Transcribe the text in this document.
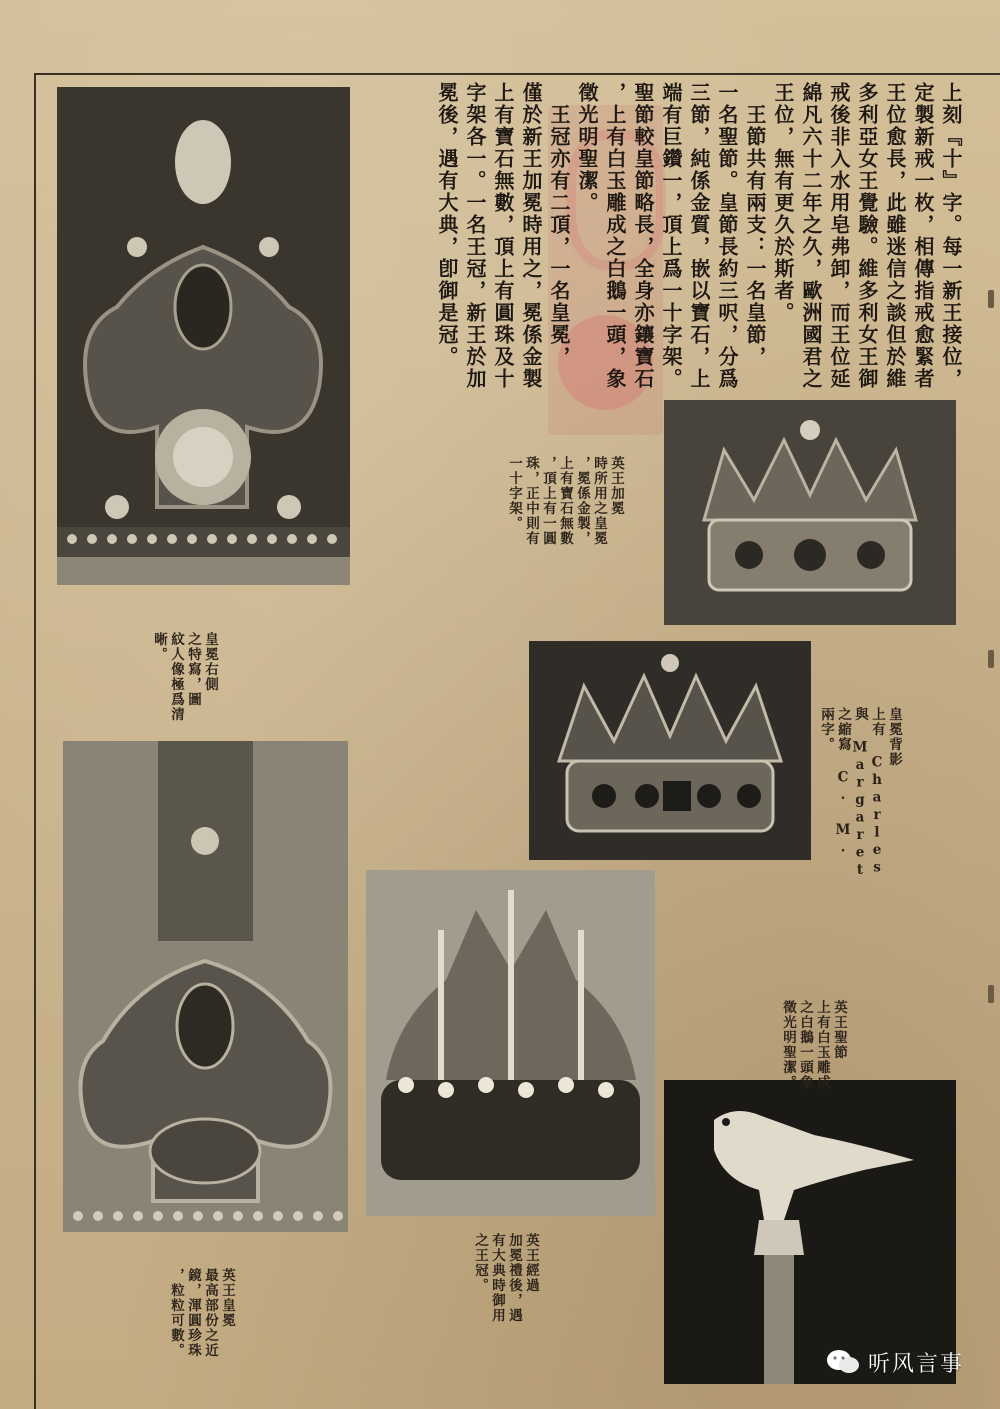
上刻『十』字。每一新王接位，
定製新戒一枚，相傳指戒愈緊者
王位愈長，此雖迷信之談但於維
多利亞女王覺驗。維多利女王御
戒後非入水用皂弗卸，而王位延
綿凡六十二年之久，歐洲國君之
王位，無有更久於斯者。
　王節共有兩支：一名皇節，
一名聖節。皇節長約三呎，分爲
三節，純係金質，嵌以寶石，上
端有巨鑽一，頂上爲一十字架。
聖節較皇節略長，全身亦鑲寶石
，上有白玉雕成之白鵝一頭，象
徵光明聖潔。
　王冠亦有二頂，一名皇冕，
僅於新王加冕時用之，冕係金製
上有寶石無數，頂上有圓珠及十
字架各一。一名王冠，新王於加
冕後，遇有大典，卽御是冠。
皇冕右側
之特寫，圖
紋人像極爲清
晰。
英王加冕
時所用之皇冕
，冕係金製，
上有寶石無數
，頂上有一圓
珠，正中則有
一十字架。
皇冕背影
上有 Charles
與 Margaret
之縮寫 C. M.
兩字。
英王皇冕
最高部份之近
鏡，渾圓珍珠
，粒粒可數。
英王經過
加冕禮後，遇
有大典時御用
之王冠。
英王聖節
上有白玉雕成
之白鵝一頭象
徵光明聖潔。
听风言事
